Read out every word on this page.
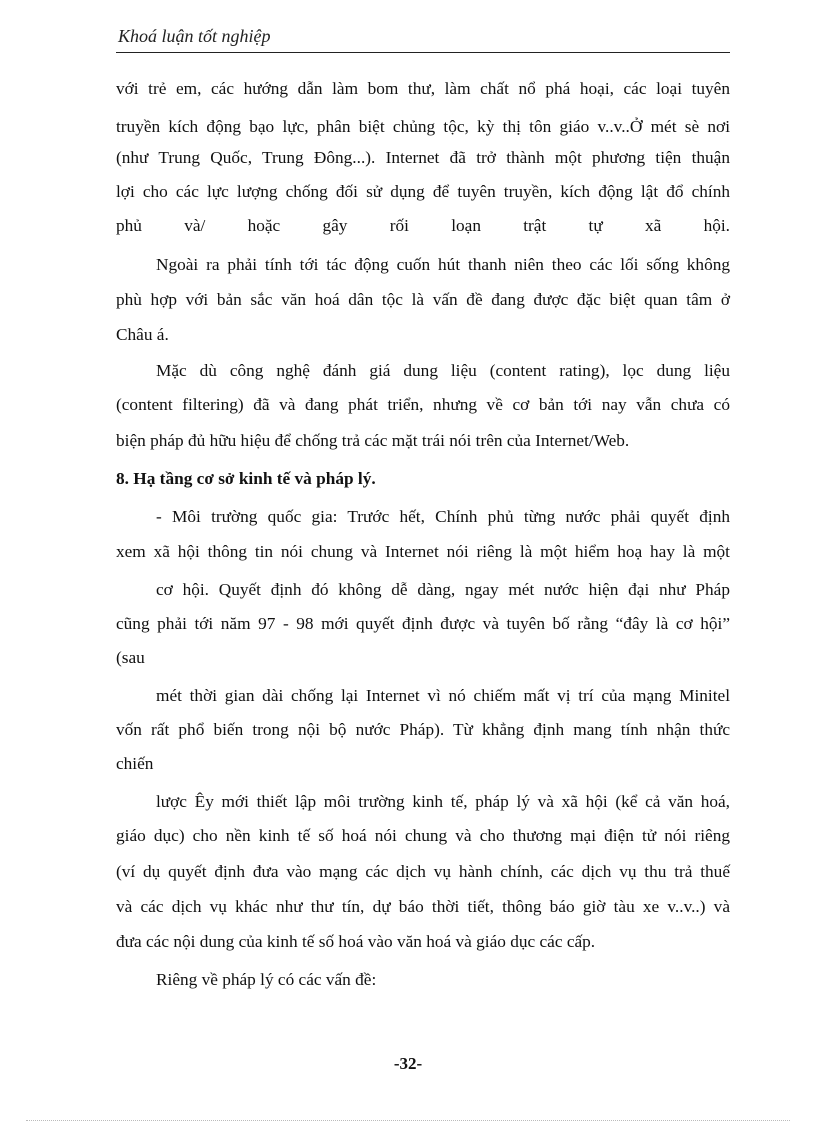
Khoá luận tốt nghiệp
với trẻ em, các hướng dẫn làm bom thư, làm chất nổ phá hoại, các loại tuyên
truyền kích động bạo lực, phân biệt chủng tộc, kỳ thị tôn giáo v..v..Ở mét sè nơi
(như Trung Quốc, Trung Đông...). Internet đã trở thành một phương tiện thuận
lợi cho các lực lượng chống đối sử dụng để tuyên truyền, kích động lật đổ chính
phủ và/ hoặc gây rối loạn trật tự xã hội.
Ngoài ra phải tính tới tác động cuốn hút thanh niên theo các lối sống không
phù hợp với bản sắc văn hoá dân tộc là vấn đề đang được đặc biệt quan tâm ở
Châu á.
Mặc dù công nghệ đánh giá dung liệu (content rating), lọc dung liệu
(content filtering) đã và đang phát triển, nhưng về cơ bản tới nay vẫn chưa có
biện pháp đủ hữu hiệu để chống trả các mặt trái nói trên của Internet/Web.
8. Hạ tầng cơ sở kinh tế và pháp lý.
- Môi trường quốc gia: Trước hết, Chính phủ từng nước phải quyết định
xem xã hội thông tin nói chung và Internet nói riêng là một hiểm hoạ hay là một
cơ hội. Quyết định đó không dễ dàng, ngay mét nước hiện đại như Pháp
cũng phải tới năm 97 - 98 mới quyết định được và tuyên bố rằng “đây là cơ hội”
(sau
mét thời gian dài chống lại Internet vì nó chiếm mất vị trí của mạng Minitel
vốn rất phổ biến trong nội bộ nước Pháp). Từ khẳng định mang tính nhận thức
chiến
lược Êy mới thiết lập môi trường kinh tế, pháp lý và xã hội (kể cả văn hoá,
giáo dục) cho nền kinh tế số hoá nói chung và cho thương mại điện tử nói riêng
(ví dụ quyết định đưa vào mạng các dịch vụ hành chính, các dịch vụ thu trả thuế
và các dịch vụ khác như thư tín, dự báo thời tiết, thông báo giờ tàu xe v..v..) và
đưa các nội dung của kinh tế số hoá vào văn hoá và giáo dục các cấp.
Riêng về pháp lý có các vấn đề:
-32-
